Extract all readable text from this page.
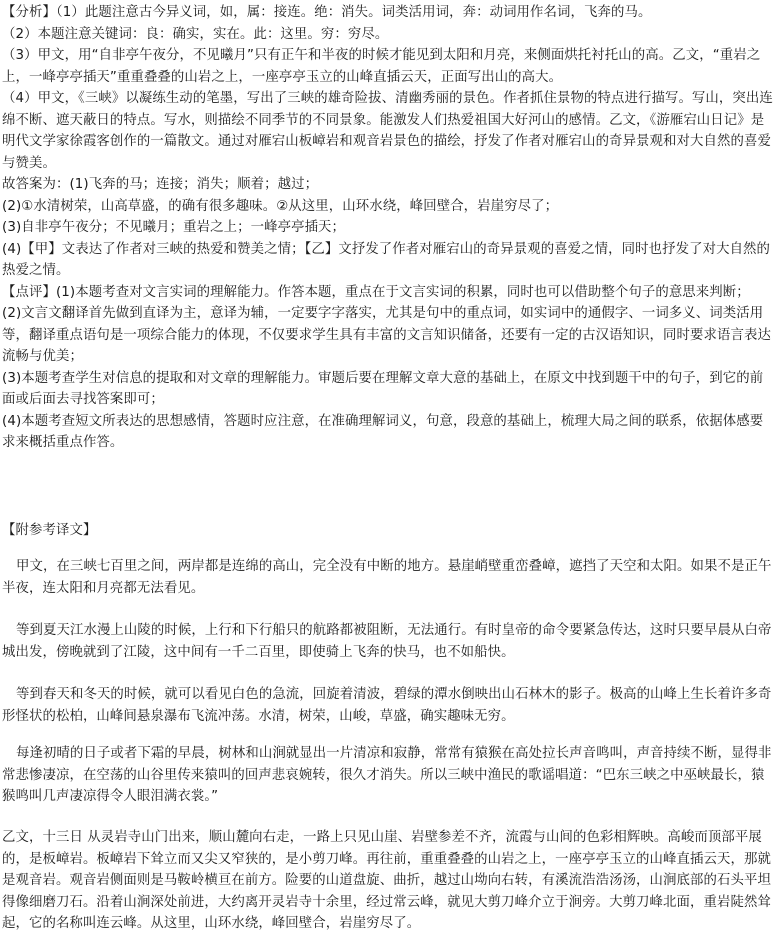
【分析】（1）此题注意古今异义词，如，属：接连。绝：消失。词类活用词，奔：动词用作名词，飞奔的马。

（2）本题注意关键词：良：确实，实在。此：这里。穷：穷尽。

（3）甲文，用“自非亭午夜分，不见曦月”只有正午和半夜的时候才能见到太阳和月亮，来侧面烘托衬托山的高。乙文，“重岩之上，一峰亭亭插天”重重叠叠的山岩之上，一座亭亭玉立的山峰直插云天，正面写出山的高大。

（4）甲文，《三峡》以凝练生动的笔墨，写出了三峡的雄奇险拔、清幽秀丽的景色。作者抓住景物的特点进行描写。写山，突出连绵不断、遮天蔽日的特点。写水，则描绘不同季节的不同景象。能激发人们热爱祖国大好河山的感情。乙文，《游雁宕山日记》是明代文学家徐霞客创作的一篇散文。通过对雁宕山板嶂岩和观音岩景色的描绘，抒发了作者对雁宕山的奇异景观和对大自然的喜爱与赞美。

故答案为：(1)飞奔的马；连接；消失；顺着；越过；

(2)①水清树荣，山高草盛，的确有很多趣味。②从这里，山环水绕，峰回壁合，岩崖穷尽了；

(3)自非亭午夜分；不见曦月；重岩之上；一峰亭亭插天；

(4)【甲】文表达了作者对三峡的热爱和赞美之情；【乙】文抒发了作者对雁宕山的奇异景观的喜爱之情，同时也抒发了对大自然的热爱之情。

【点评】(1)本题考查对文言实词的理解能力。作答本题，重点在于文言实词的积累，同时也可以借助整个句子的意思来判断；

(2)文言文翻译首先做到直译为主，意译为辅，一定要字字落实，尤其是句中的重点词，如实词中的通假字、一词多义、词类活用等，翻译重点语句是一项综合能力的体现，不仅要求学生具有丰富的文言知识储备，还要有一定的古汉语知识，同时要求语言表达流畅与优美；

(3)本题考查学生对信息的提取和对文章的理解能力。审题后要在理解文章大意的基础上，在原文中找到题干中的句子，到它的前面或后面去寻找答案即可；

(4)本题考查短文所表达的思想感情，答题时应注意，在准确理解词义，句意，段意的基础上，梳理大局之间的联系，依据体感要求来概括重点作答。

【附参考译文】

甲文，在三峡七百里之间，两岸都是连绵的高山，完全没有中断的地方。悬崖峭壁重峦叠嶂，遮挡了天空和太阳。如果不是正午半夜，连太阳和月亮都无法看见。

等到夏天江水漫上山陵的时候，上行和下行船只的航路都被阻断，无法通行。有时皇帝的命令要紧急传达，这时只要早晨从白帝城出发，傍晚就到了江陵，这中间有一千二百里，即使骑上飞奔的快马，也不如船快。

等到春天和冬天的时候，就可以看见白色的急流，回旋着清波，碧绿的潭水倒映出山石林木的影子。极高的山峰上生长着许多奇形怪状的松柏，山峰间悬泉瀑布飞流冲荡。水清，树荣，山峻，草盛，确实趣味无穷。

每逢初晴的日子或者下霜的早晨，树林和山涧就显出一片清凉和寂静，常常有猿猴在高处拉长声音鸣叫，声音持续不断，显得非常悲惨凄凉，在空荡的山谷里传来猿叫的回声悲哀婉转，很久才消失。所以三峡中渔民的歌谣唱道：“巴东三峡之中巫峡最长，猿猴鸣叫几声凄凉得令人眼泪满衣裳。”

乙文，十三日 从灵岩寺山门出来，顺山麓向右走，一路上只见山崖、岩壁参差不齐，流霞与山间的色彩相辉映。高峻而顶部平展的，是板嶂岩。板嶂岩下耸立而又尖又窄狭的，是小剪刀峰。再往前，重重叠叠的山岩之上，一座亭亭玉立的山峰直插云天，那就是观音岩。观音岩侧面则是马鞍岭横亘在前方。险要的山道盘旋、曲折，越过山坳向右转，有溪流浩浩汤汤，山涧底部的石头平坦得像细磨刀石。沿着山涧深处前进，大约离开灵岩寺十余里，经过常云峰，就见大剪刀峰介立于涧旁。大剪刀峰北面，重岩陡然耸起，它的名称叫连云峰。从这里，山环水绕，峰回壁合，岩崖穷尽了。
